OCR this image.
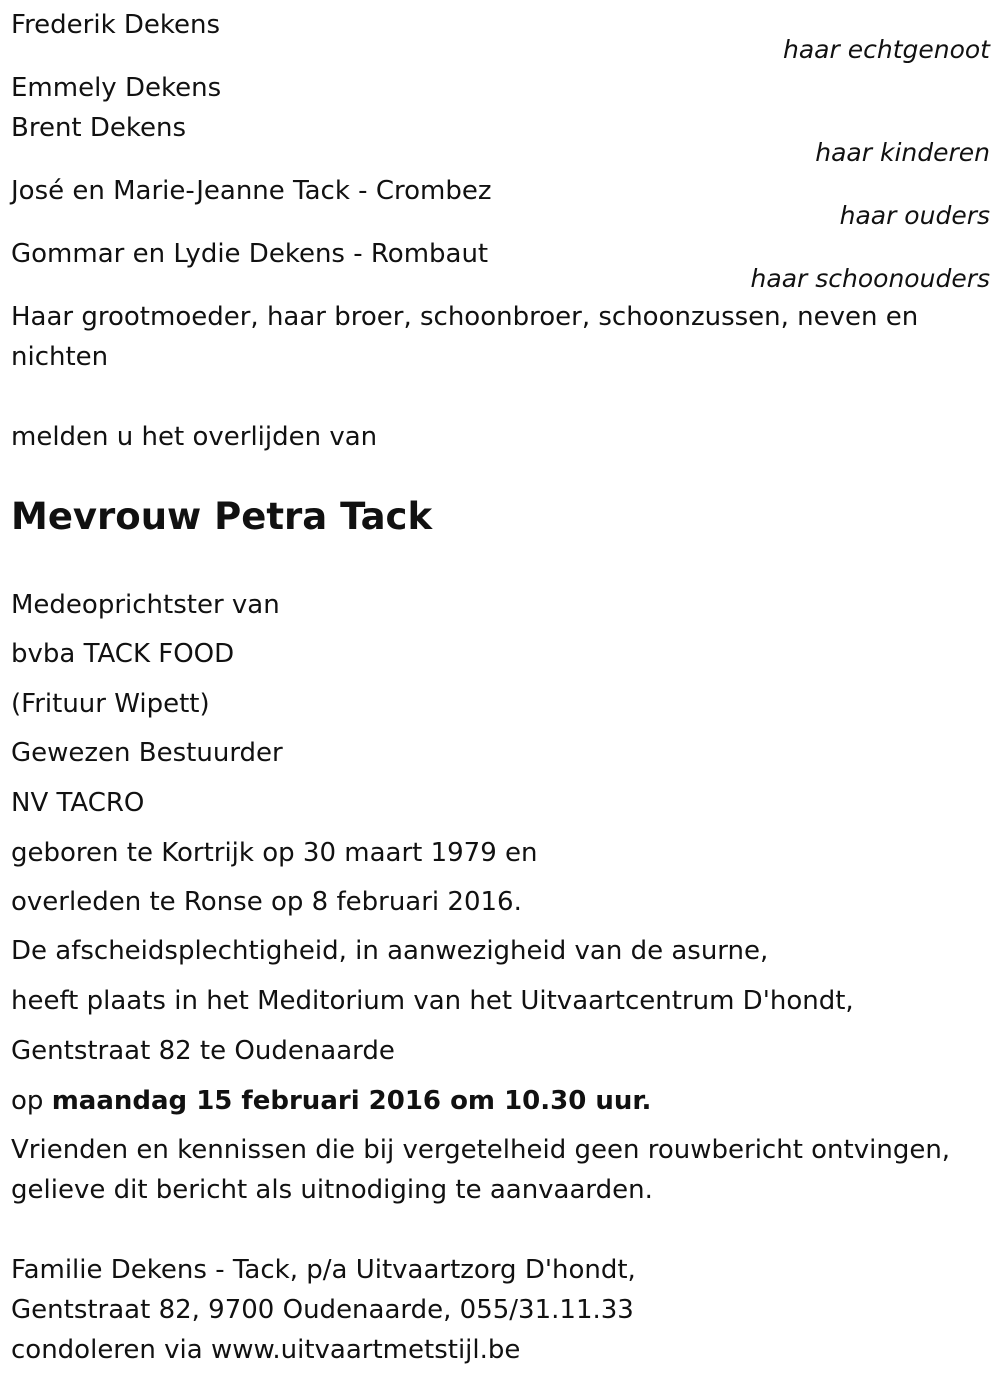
Frederik Dekens
haar echtgenoot
Emmely Dekens
Brent Dekens
haar kinderen
José en Marie-Jeanne Tack - Crombez
haar ouders
Gommar en Lydie Dekens - Rombaut
haar schoonouders
Haar grootmoeder, haar broer, schoonbroer, schoonzussen, neven en
nichten
melden u het overlijden van
Mevrouw Petra Tack
Medeoprichtster van
bvba TACK FOOD
(Frituur Wipett)
Gewezen Bestuurder
NV TACRO
geboren te Kortrijk op 30 maart 1979 en
overleden te Ronse op 8 februari 2016.
De afscheidsplechtigheid, in aanwezigheid van de asurne,
heeft plaats in het Meditorium van het Uitvaartcentrum D'hondt,
Gentstraat 82 te Oudenaarde
op maandag 15 februari 2016 om 10.30 uur.
Vrienden en kennissen die bij vergetelheid geen rouwbericht ontvingen,
gelieve dit bericht als uitnodiging te aanvaarden.
Familie Dekens - Tack, p/a Uitvaartzorg D'hondt,
Gentstraat 82, 9700 Oudenaarde, 055/31.11.33
condoleren via www.uitvaartmetstijl.be
